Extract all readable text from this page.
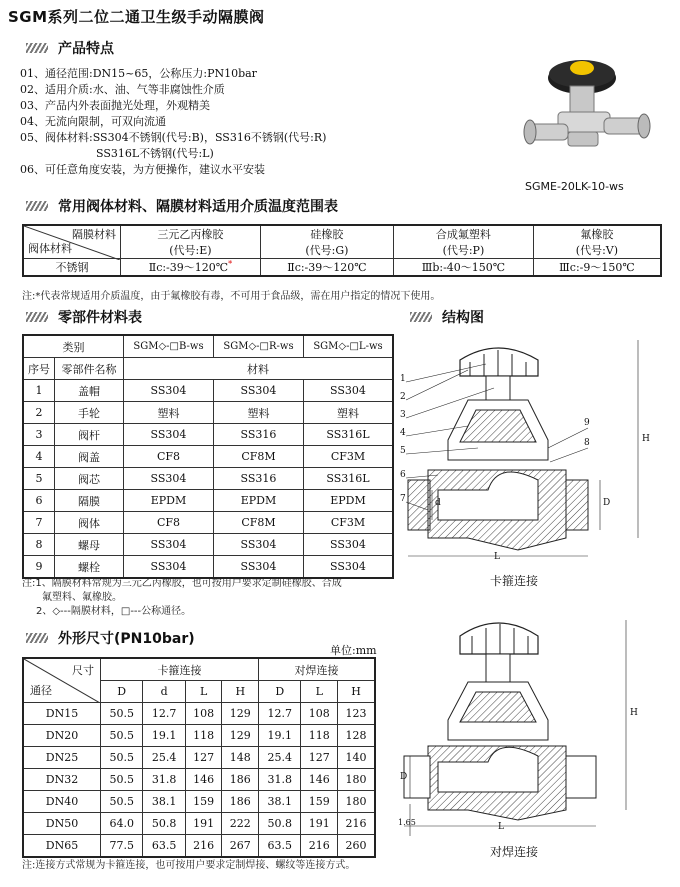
SGM系列二位二通卫生级手动隔膜阀
产品特点
01、通径范围:DN15~65，公称压力:PN10bar
02、适用介质:水、油、气等非腐蚀性介质
03、产品内外表面抛光处理，外观精美
04、无流向限制，可双向流通
05、阀体材料:SS304不锈钢(代号:B)，SS316不锈钢(代号:R)
SS316L不锈钢(代号:L)
06、可任意角度安装，为方便操作，建议水平安装
SGME-20LK-10-ws
常用阀体材料、隔膜材料适用介质温度范围表
隔膜材料
阀体材料	三元乙丙橡胶	硅橡胶	合成氟塑料	氟橡胶
	(代号:E)	(代号:G)	(代号:P)	(代号:V)
不锈钢	Ⅱc:-39～120℃*	Ⅱc:-39～120℃	Ⅲb:-40～150℃	Ⅲc:-9～150℃
注:*代表常规适用介质温度，由于氟橡胶有毒，不可用于食品级，需在用户指定的情况下使用。
零部件材料表
类别		SGM◇-□B-ws	SGM◇-□R-ws	SGM◇-□L-ws
序号	零部件名称	材料		
1	盖帽	SS304	SS304	SS304
2	手轮	塑料	塑料	塑料
3	阀杆	SS304	SS316	SS316L
4	阀盖	CF8	CF8M	CF3M
5	阀芯	SS304	SS316	SS316L
6	隔膜	EPDM	EPDM	EPDM
7	阀体	CF8	CF8M	CF3M
8	螺母	SS304	SS304	SS304
9	螺栓	SS304	SS304	SS304
注:1、隔膜材料常规为三元乙丙橡胶，也可按用户要求定制硅橡胶、合成
氟塑料、氟橡胶。
2、◇---隔膜材料，□---公称通径。
外形尺寸(PN10bar)
单位:mm
尺寸
通径	卡箍连接				对焊连接		
	D	d	L	H	D	L	H
DN15	50.5	12.7	108	129	12.7	108	123
DN20	50.5	19.1	118	129	19.1	118	128
DN25	50.5	25.4	127	148	25.4	127	140
DN32	50.5	31.8	146	186	31.8	146	180
DN40	50.5	38.1	159	186	38.1	159	180
DN50	64.0	50.8	191	222	50.8	191	216
DN65	77.5	63.5	216	267	63.5	216	260
注:连接方式常规为卡箍连接，也可按用户要求定制焊接、螺纹等连接方式。
结构图
1
2
3
4
5
6
7
8
9
L
H
D
d
卡箍连接
L
H
D
1.65
对焊连接
